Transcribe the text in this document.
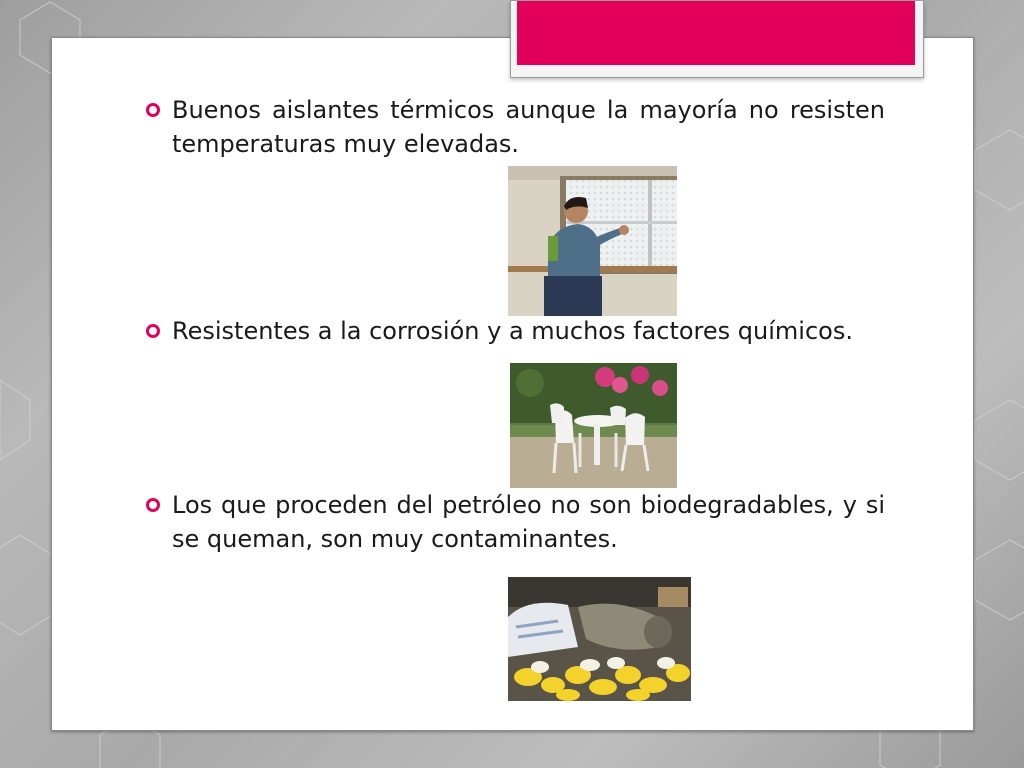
Buenos aislantes térmicos aunque la mayoría no resisten temperaturas muy elevadas.
Resistentes a la corrosión y a muchos factores químicos.
Los que proceden del petróleo no son biodegradables, y si se queman, son muy contaminantes.
